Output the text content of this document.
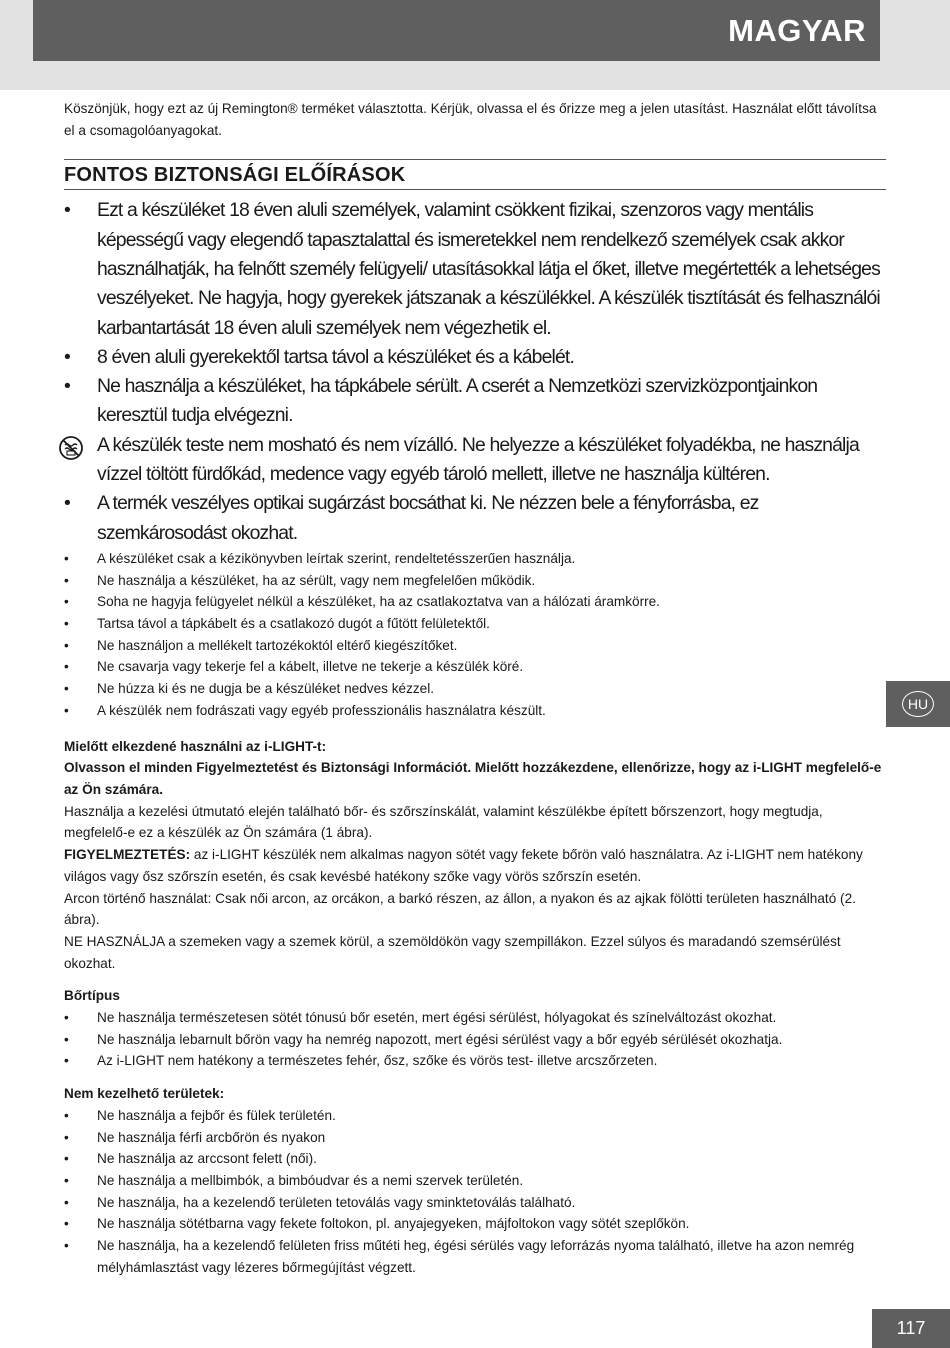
MAGYAR
HU
117

Köszönjük, hogy ezt az új Remington® terméket választotta. Kérjük, olvassa el és őrizze meg a jelen utasítást. Használat előtt távolítsa el a csomagolóanyagokat.

FONTOS BIZTONSÁGI ELŐÍRÁSOK
• Ezt a készüléket 18 éven aluli személyek, valamint csökkent fizikai, szenzoros vagy mentális képességű vagy elegendő tapasztalattal és ismeretekkel nem rendelkező személyek csak akkor használhatják, ha felnőtt személy felügyeli/ utasításokkal látja el őket, illetve megértették a lehetséges veszélyeket. Ne hagyja, hogy gyerekek játszanak a készülékkel. A készülék tisztítását és felhasználói karbantartását 18 éven aluli személyek nem végezhetik el.
• 8 éven aluli gyerekektől tartsa távol a készüléket és a kábelét.
• Ne használja a készüléket, ha tápkábele sérült. A cserét a Nemzetközi szervizközpontjainkon keresztül tudja elvégezni.
A készülék teste nem mosható és nem vízálló. Ne helyezze a készüléket folyadékba, ne használja vízzel töltött fürdőkád, medence vagy egyéb tároló mellett, illetve ne használja kültéren.
• A termék veszélyes optikai sugárzást bocsáthat ki. Ne nézzen bele a fényforrásba, ez szemkárosodást okozhat.
•	A készüléket csak a kézikönyvben leírtak szerint, rendeltetésszerűen használja.
•	Ne használja a készüléket, ha az sérült, vagy nem megfelelően működik.
•	Soha ne hagyja felügyelet nélkül a készüléket, ha az csatlakoztatva van a hálózati áramkörre.
•	Tartsa távol a tápkábelt és a csatlakozó dugót a fűtött felületektől.
•	Ne használjon a mellékelt tartozékoktól eltérő kiegészítőket.
•	Ne csavarja vagy tekerje fel a kábelt, illetve ne tekerje a készülék köré.
•	Ne húzza ki és ne dugja be a készüléket nedves kézzel.
•	A készülék nem fodrászati vagy egyéb professzionális használatra készült.

Mielőtt elkezdené használni az i-LIGHT-t:

Olvasson el minden Figyelmeztetést és Biztonsági Információt. Mielőtt hozzákezdene, ellenőrizze, hogy az i-LIGHT megfelelő-e az Ön számára.

Használja a kezelési útmutató elején található bőr- és szőrszínskálát, valamint készülékbe épített bőrszenzort, hogy megtudja, megfelelő-e ez a készülék az Ön számára (1 ábra).

FIGYELMEZTETÉS: az i-LIGHT készülék nem alkalmas nagyon sötét vagy fekete bőrön való használatra. Az i-LIGHT nem hatékony világos vagy ősz szőrszín esetén, és csak kevésbé hatékony szőke vagy vörös szőrszín esetén.

Arcon történő használat: Csak női arcon, az orcákon, a barkó részen, az állon, a nyakon és az ajkak fölötti területen használható (2. ábra).

NE HASZNÁLJA a szemeken vagy a szemek körül, a szemöldökön vagy szempillákon. Ezzel súlyos és maradandó szemsérülést okozhat.

Bőrtípus

•	Ne használja természetesen sötét tónusú bőr esetén, mert égési sérülést, hólyagokat és színelváltozást okozhat.
•	Ne használja lebarnult bőrön vagy ha nemrég napozott, mert égési sérülést vagy a bőr egyéb sérülését okozhatja.
•	Az i-LIGHT nem hatékony a természetes fehér, ősz, szőke és vörös test- illetve arcszőrzeten.

Nem kezelhető területek:

•	Ne használja a fejbőr és fülek területén.
•	Ne használja férfi arcbőrön és nyakon
•	Ne használja az arccsont felett (női).
•	Ne használja a mellbimbók, a bimbóudvar és a nemi szervek területén.
•	Ne használja, ha a kezelendő területen tetoválás vagy sminktetoválás található.
•	Ne használja sötétbarna vagy fekete foltokon, pl. anyajegyeken, májfoltokon vagy sötét szeplőkön.
•	Ne használja, ha a kezelendő felületen friss műtéti heg, égési sérülés vagy leforrázás nyoma található, illetve ha azon nemrég mélyhámlasztást vagy lézeres bőrmegújítást végzett.
